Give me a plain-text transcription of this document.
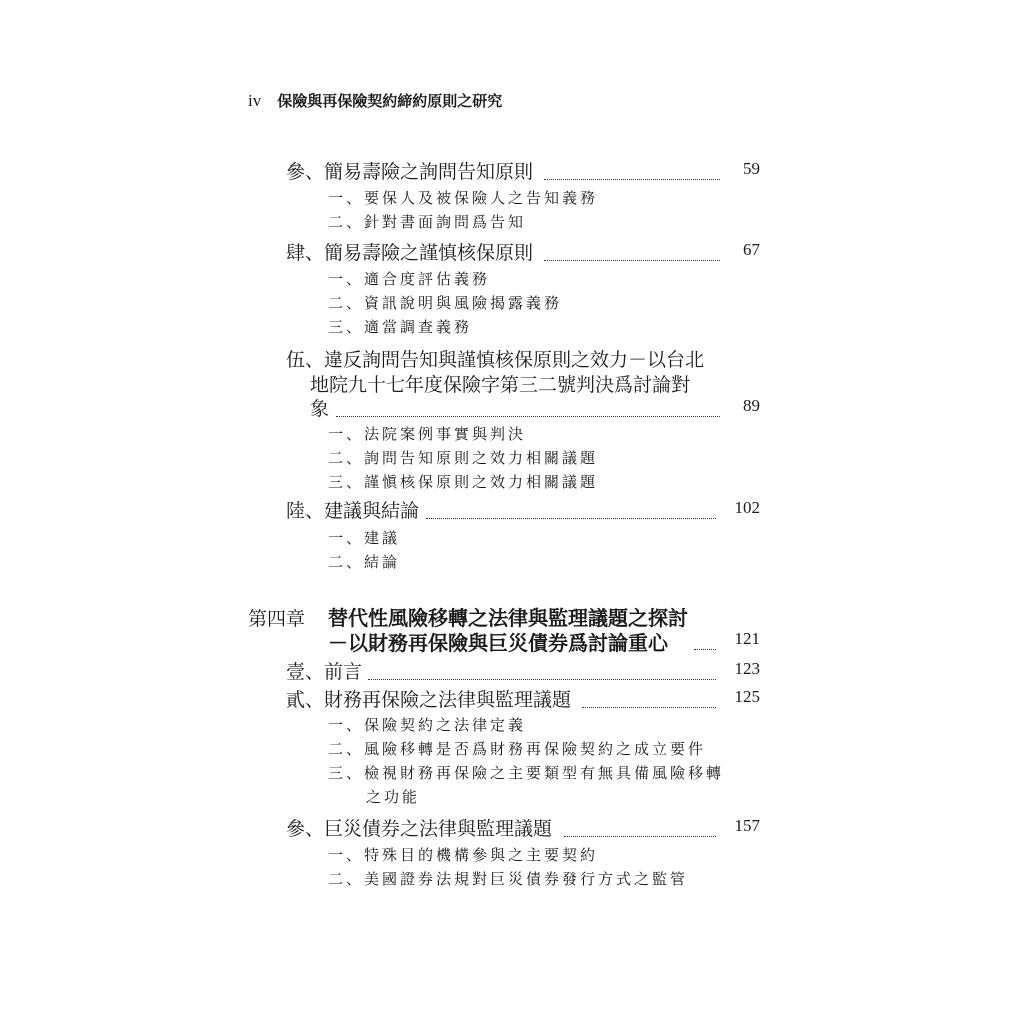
iv 保險與再保險契約締約原則之研究
參、簡易壽險之詢問告知原則	59
一、要保人及被保險人之告知義務
二、針對書面詢問爲告知
肆、簡易壽險之謹慎核保原則	67
一、適合度評估義務
二、資訊說明與風險揭露義務
三、適當調查義務
伍、違反詢問告知與謹慎核保原則之效力－以台北
地院九十七年度保險字第三二號判決爲討論對
象	89
一、法院案例事實與判決
二、詢問告知原則之效力相關議題
三、謹愼核保原則之效力相關議題
陸、建議與結論	102
一、建議
二、結論
第四章 替代性風險移轉之法律與監理議題之探討
－以財務再保險與巨災債券爲討論重心	121
壹、前言	123
貳、財務再保險之法律與監理議題	125
一、保險契約之法律定義
二、風險移轉是否爲財務再保險契約之成立要件
三、檢視財務再保險之主要類型有無具備風險移轉
之功能
參、巨災債券之法律與監理議題	157
一、特殊目的機構參與之主要契約
二、美國證券法規對巨災債券發行方式之監管
